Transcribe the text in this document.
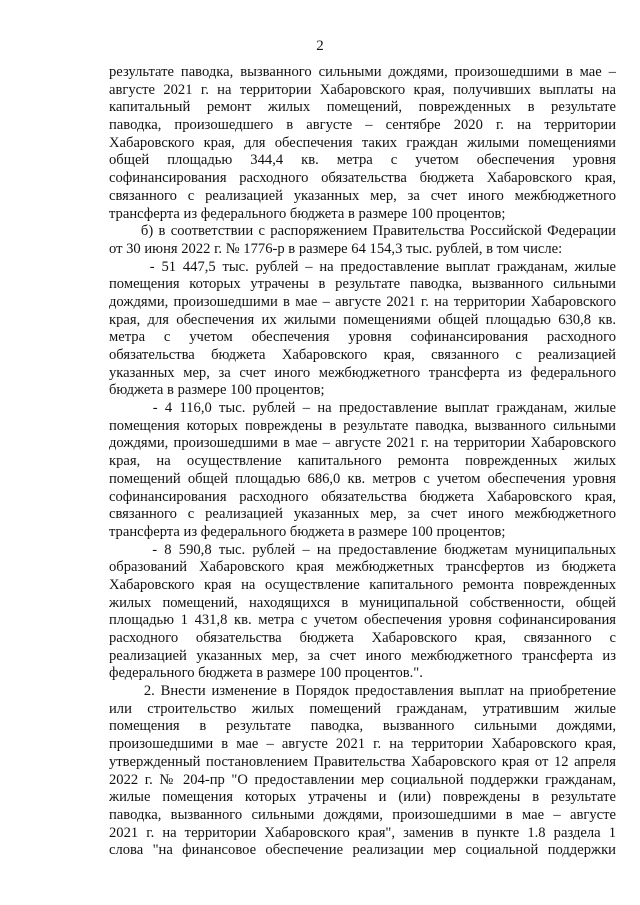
2
результате паводка, вызванного сильными дождями, произошедшими в мае –
августе 2021 г. на территории Хабаровского края, получивших выплаты на
капитальный ремонт жилых помещений, поврежденных в результате
паводка, произошедшего в августе – сентябре 2020 г. на территории
Хабаровского края, для обеспечения таких граждан жилыми помещениями
общей площадью 344,4 кв. метра с учетом обеспечения уровня
софинансирования расходного обязательства бюджета Хабаровского края,
связанного с реализацией указанных мер, за счет иного межбюджетного
трансферта из федерального бюджета в размере 100 процентов;
б) в соответствии с распоряжением Правительства Российской Федерации
от 30 июня 2022 г. № 1776-р в размере 64 154,3 тыс. рублей, в том числе:
- 51 447,5 тыс. рублей – на предоставление выплат гражданам, жилые
помещения которых утрачены в результате паводка, вызванного сильными
дождями, произошедшими в мае – августе 2021 г. на территории Хабаровского
края, для обеспечения их жилыми помещениями общей площадью 630,8 кв.
метра с учетом обеспечения уровня софинансирования расходного
обязательства бюджета Хабаровского края, связанного с реализацией
указанных мер, за счет иного межбюджетного трансферта из федерального
бюджета в размере 100 процентов;
- 4 116,0 тыс. рублей – на предоставление выплат гражданам, жилые
помещения которых повреждены в результате паводка, вызванного сильными
дождями, произошедшими в мае – августе 2021 г. на территории Хабаровского
края, на осуществление капитального ремонта поврежденных жилых
помещений общей площадью 686,0 кв. метров с учетом обеспечения уровня
софинансирования расходного обязательства бюджета Хабаровского края,
связанного с реализацией указанных мер, за счет иного межбюджетного
трансферта из федерального бюджета в размере 100 процентов;
- 8 590,8 тыс. рублей – на предоставление бюджетам муниципальных
образований Хабаровского края межбюджетных трансфертов из бюджета
Хабаровского края на осуществление капитального ремонта поврежденных
жилых помещений, находящихся в муниципальной собственности, общей
площадью 1 431,8 кв. метра с учетом обеспечения уровня софинансирования
расходного обязательства бюджета Хабаровского края, связанного с
реализацией указанных мер, за счет иного межбюджетного трансферта из
федерального бюджета в размере 100 процентов.".
2. Внести изменение в Порядок предоставления выплат на приобретение
или строительство жилых помещений гражданам, утратившим жилые
помещения в результате паводка, вызванного сильными дождями,
произошедшими в мае – августе 2021 г. на территории Хабаровского края,
утвержденный постановлением Правительства Хабаровского края от 12 апреля
2022 г. № 204-пр "О предоставлении мер социальной поддержки гражданам,
жилые помещения которых утрачены и (или) повреждены в результате
паводка, вызванного сильными дождями, произошедшими в мае – августе
2021 г. на территории Хабаровского края", заменив в пункте 1.8 раздела 1
слова "на финансовое обеспечение реализации мер социальной поддержки
